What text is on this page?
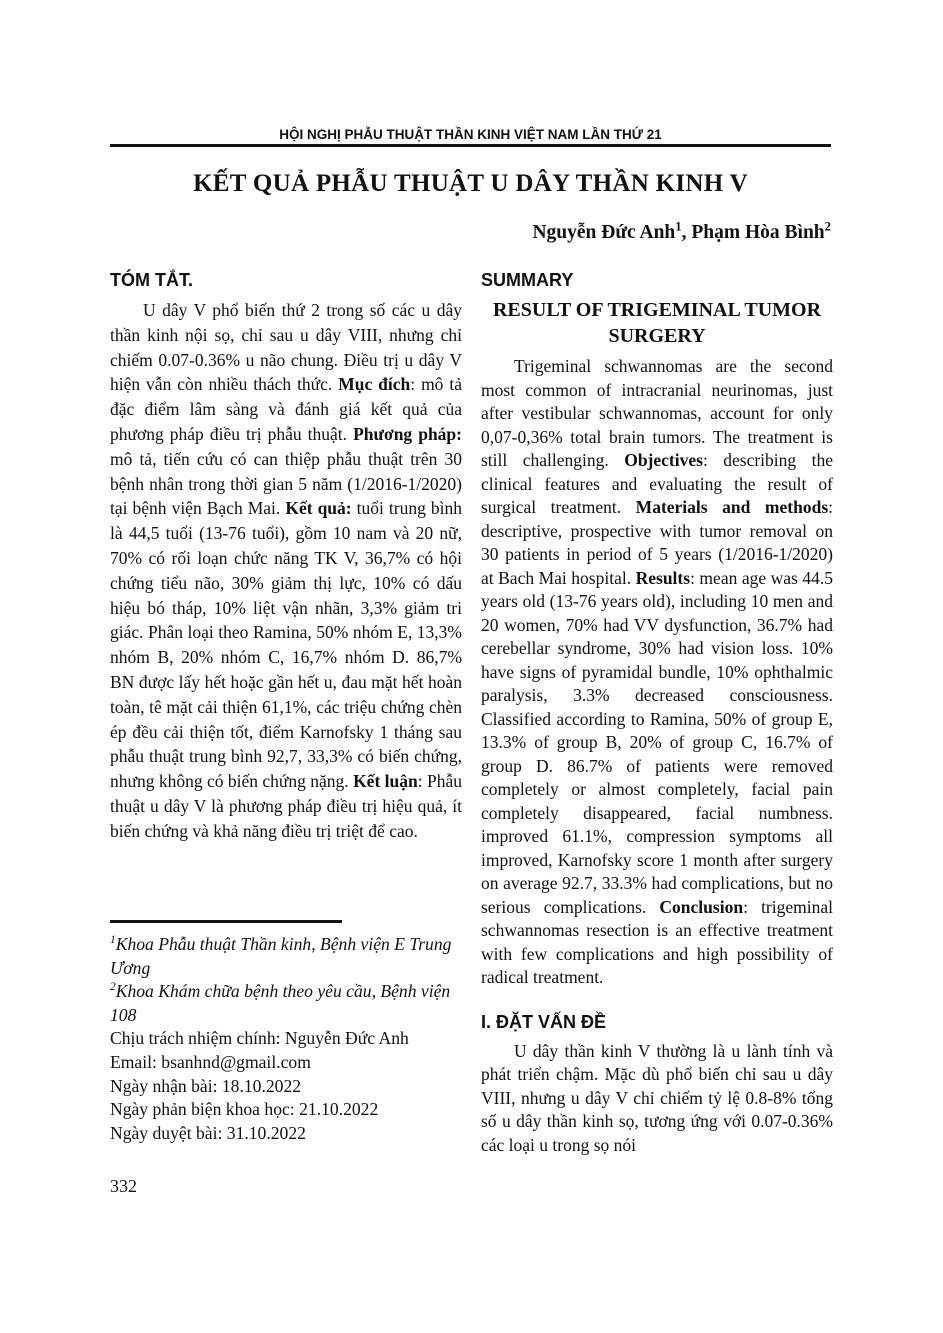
HỘI NGHỊ PHẪU THUẬT THẦN KINH VIỆT NAM LẦN THỨ 21
KẾT QUẢ PHẪU THUẬT U DÂY THẦN KINH V
Nguyễn Đức Anh$^1$, Phạm Hòa Bình$^2$
TÓM TẮT.

U dây V phổ biến thứ 2 trong số các u dây thần kinh nội sọ, chỉ sau u dây VIII, nhưng chỉ chiếm 0.07-0.36% u não chung. Điều trị u dây V hiện vẫn còn nhiều thách thức. Mục đích: mô tả đặc điểm lâm sàng và đánh giá kết quả của phương pháp điều trị phẫu thuật. Phương pháp: mô tả, tiến cứu có can thiệp phẫu thuật trên 30 bệnh nhân trong thời gian 5 năm (1/2016-1/2020) tại bệnh viện Bạch Mai. Kết quả: tuổi trung bình là 44,5 tuổi (13-76 tuổi), gồm 10 nam và 20 nữ, 70% có rối loạn chức năng TK V, 36,7% có hội chứng tiểu não, 30% giảm thị lực, 10% có dấu hiệu bó tháp, 10% liệt vận nhãn, 3,3% giảm tri giác. Phân loại theo Ramina, 50% nhóm E, 13,3% nhóm B, 20% nhóm C, 16,7% nhóm D. 86,7% BN được lấy hết hoặc gần hết u, đau mặt hết hoàn toàn, tê mặt cải thiện 61,1%, các triệu chứng chèn ép đều cải thiện tốt, điểm Karnofsky 1 tháng sau phẫu thuật trung bình 92,7, 33,3% có biến chứng, nhưng không có biến chứng nặng. Kết luận: Phẫu thuật u dây V là phương pháp điều trị hiệu quả, ít biến chứng và khả năng điều trị triệt để cao.

SUMMARY
RESULT OF TRIGEMINAL TUMOR SURGERY

Trigeminal schwannomas are the second most common of intracranial neurinomas, just after vestibular schwannomas, account for only 0,07-0,36% total brain tumors. The treatment is still challenging. Objectives: describing the clinical features and evaluating the result of surgical treatment. Materials and methods: descriptive, prospective with tumor removal on 30 patients in period of 5 years (1/2016-1/2020) at Bach Mai hospital. Results: mean age was 44.5 years old (13-76 years old), including 10 men and 20 women, 70% had VV dysfunction, 36.7% had cerebellar syndrome, 30% had vision loss. 10% have signs of pyramidal bundle, 10% ophthalmic paralysis, 3.3% decreased consciousness. Classified according to Ramina, 50% of group E, 13.3% of group B, 20% of group C, 16.7% of group D. 86.7% of patients were removed completely or almost completely, facial pain completely disappeared, facial numbness. improved 61.1%, compression symptoms all improved, Karnofsky score 1 month after surgery on average 92.7, 33.3% had complications, but no serious complications. Conclusion: trigeminal schwannomas resection is an effective treatment with few complications and high possibility of radical treatment.

I. ĐẶT VẤN ĐỀ

U dây thần kinh V thường là u lành tính và phát triển chậm. Mặc dù phổ biến chỉ sau u dây VIII, nhưng u dây V chỉ chiếm tỷ lệ 0.8-8% tổng số u dây thần kinh sọ, tương ứng với 0.07-0.36% các loại u trong sọ nói

$^1$Khoa Phẫu thuật Thần kinh, Bệnh viện E Trung Ương
$^2$Khoa Khám chữa bệnh theo yêu cầu, Bệnh viện 108
Chịu trách nhiệm chính: Nguyễn Đức Anh
Email: bsanhnd@gmail.com
Ngày nhận bài: 18.10.2022
Ngày phản biện khoa học: 21.10.2022
Ngày duyệt bài: 31.10.2022
332
